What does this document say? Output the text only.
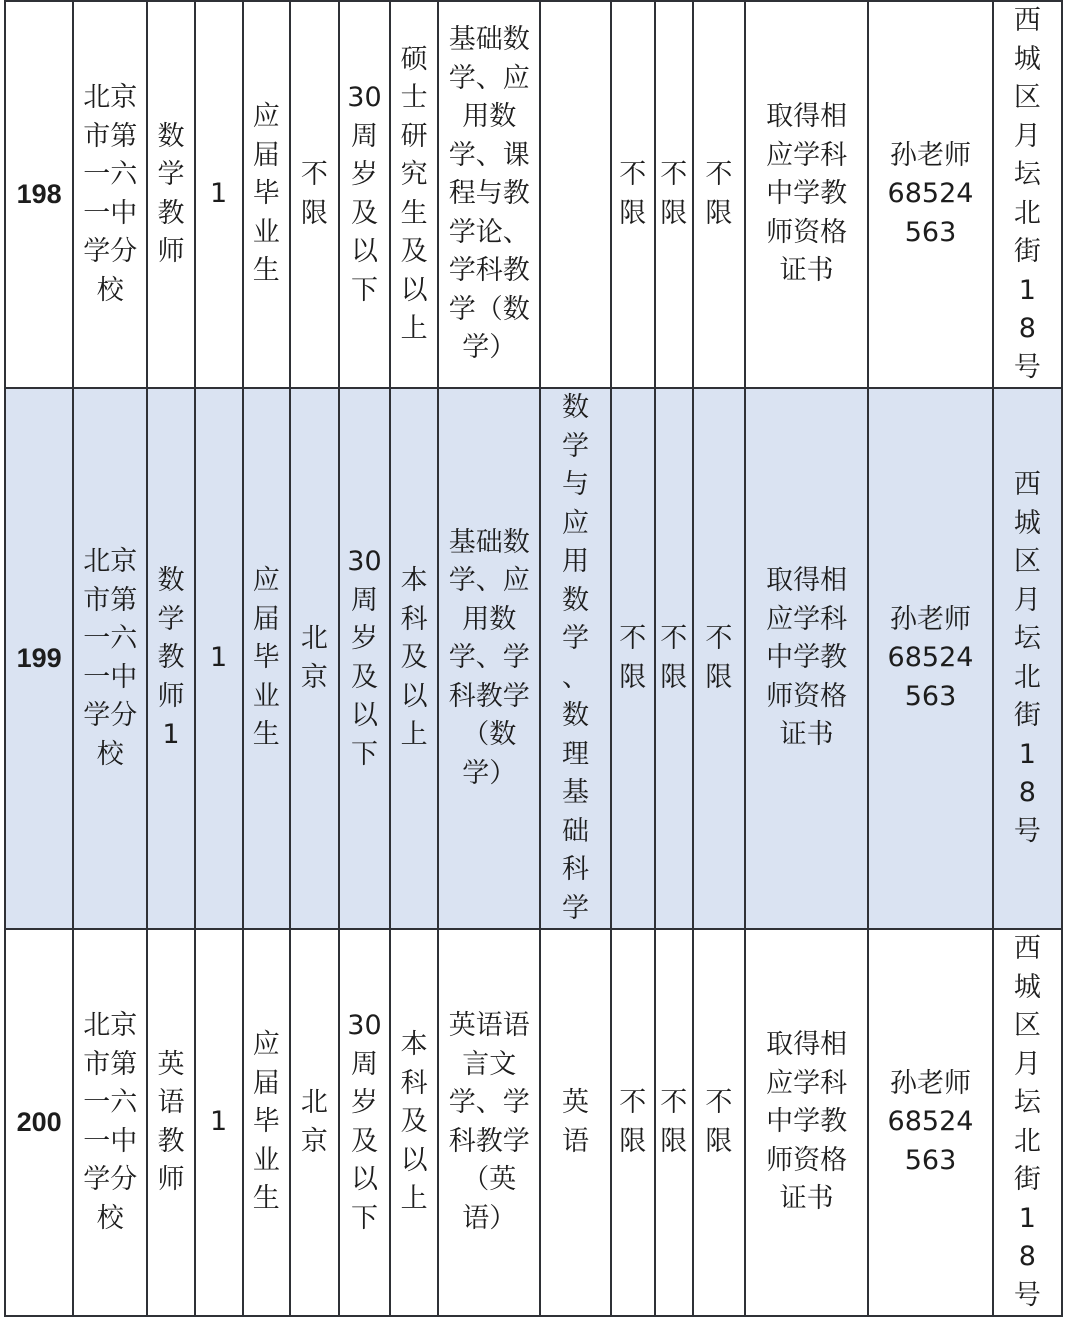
198	北京市第一六一中学分校	数学教师	1	应届毕业生	不限	30周岁及以下	硕士研究生及以上	基础数学、应用数学、课程与教学论、学科教学（数学）		不限	不限	不限	取得相应学科中学教师资格证书	孙老师68524563	西城区月坛北街18号

199	北京市第一六一中学分校	数学教师1	1	应届毕业生	北京	30周岁及以下	本科及以上	基础数学、应用数学、学科教学（数学）	数学与应用数学、数理基础科学	不限	不限	不限	取得相应学科中学教师资格证书	孙老师68524563	西城区月坛北街18号

200	北京市第一六一中学分校	英语教师	1	应届毕业生	北京	30周岁及以下	本科及以上	英语语言文学、学科教学（英语）	英语	不限	不限	不限	取得相应学科中学教师资格证书	孙老师68524563	西城区月坛北街18号
